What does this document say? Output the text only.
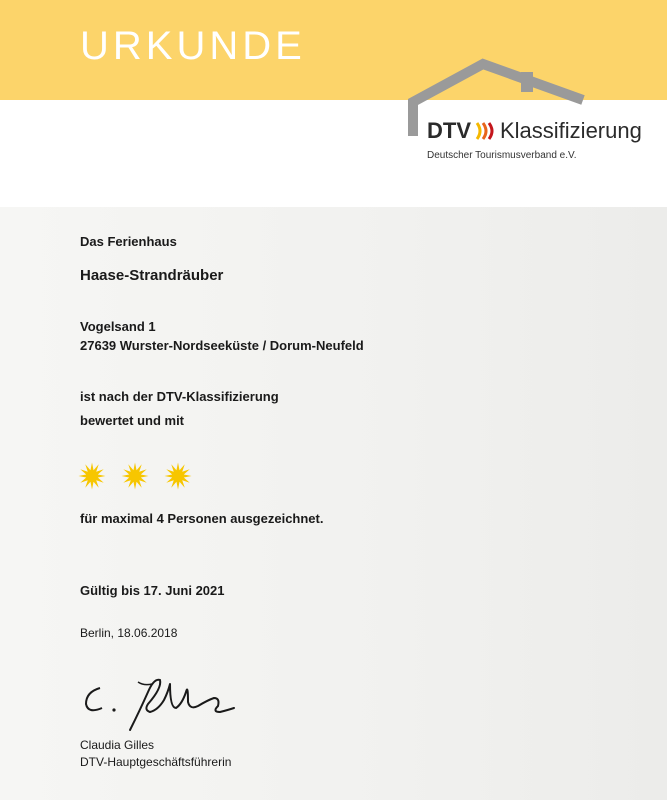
URKUNDE
DTV Klassifizierung
Deutscher Tourismusverband e.V.

Das Ferienhaus

Haase-Strandräuber

Vogelsand 1

27639 Wurster-Nordseeküste / Dorum-Neufeld

ist nach der DTV-Klassifizierung

bewertet und mit

für maximal 4 Personen ausgezeichnet.

Gültig bis 17. Juni 2021

Berlin, 18.06.2018

Claudia Gilles

DTV-Hauptgeschäftsführerin
